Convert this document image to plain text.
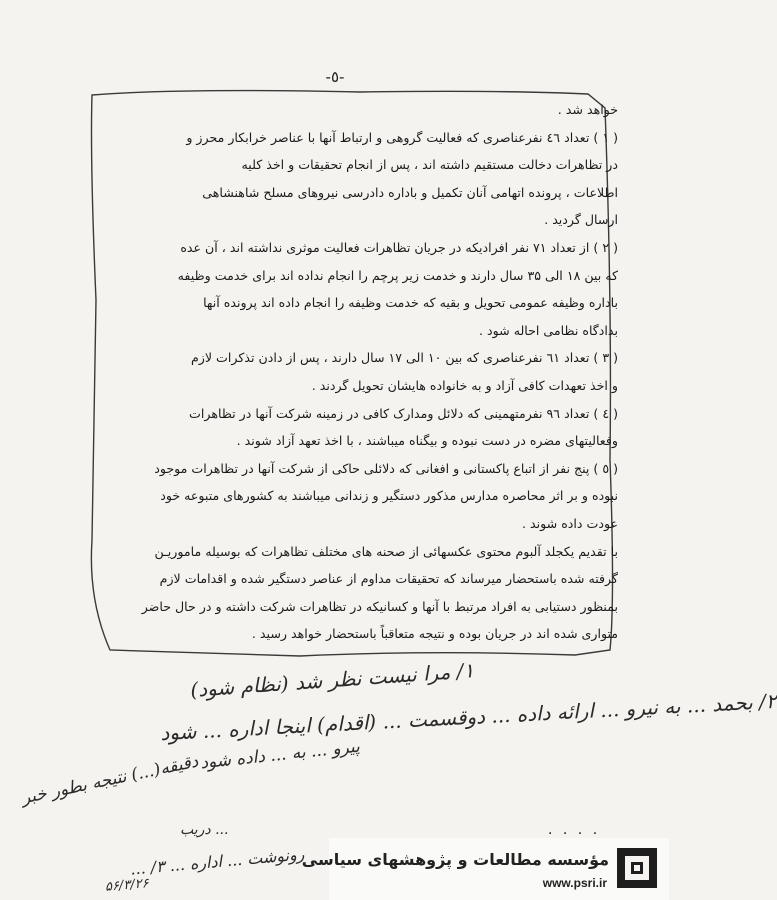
-٥-
خواهد شد .
( ۱ ) تعداد ٤٦ نفرعناصری که فعالیت گروهی و ارتباط آنها با عناصر خرابکار محرز و
در تظاهرات دخالت مستقیم داشته اند ، پس از انجام تحقیقات و اخذ کلیه
اطلاعات ، پرونده اتهامی آنان تکمیل و باداره دادرسی نیروهای مسلح شاهنشاهی
ارسال گردید .
( ۲ ) از تعداد ۷۱ نفر افرادیکه در جریان تظاهرات فعالیت موثری نداشته اند ، آن عده
که بین ۱۸ الی ۳۵ سال دارند و خدمت زیر پرچم را انجام نداده اند برای خدمت وظیفه
باداره وظیفه عمومی تحویل و بقیه که خدمت وظیفه را انجام داده اند پرونده آنها
بدادگاه نظامی احاله شود .
( ۳ ) تعداد ٦۱ نفرعناصری که بین ۱۰ الی ۱۷ سال دارند ، پس از دادن تذکرات لازم
و اخذ تعهدات کافی آزاد و به خانواده هایشان تحویل گردند .
( ٤ ) تعداد ۹٦ نفرمتهمینی که دلائل ومدارک کافی در زمینه شرکت آنها در تظاهرات
وفعالیتهای مضره در دست نبوده و بیگناه میباشند ، با اخذ تعهد آزاد شوند .
( ٥ ) پنج نفر از اتباع پاکستانی و افغانی که دلائلی حاکی از شرکت آنها در تظاهرات موجود
نبوده و بر اثر محاصره مدارس مذکور دستگیر و زندانی میباشند به کشورهای متبوعه خود
عودت داده شوند .
با تقدیم یکجلد آلبوم محتوی عکسهائی از صحنه های مختلف تظاهرات که بوسیله ماموریـن
گرفته شده باستحضار میرساند که تحقیقات مداوم از عناصر دستگیر شده و اقدامات لازم
بمنظور دستیابی به افراد مرتبط با آنها و کسانیکه در تظاهرات شرکت داشته و در حال حاضر
متواری شده اند در جریان بوده و نتیجه متعاقباً باستحضار خواهد رسید .
۱/ مرا نیست نظر شد (نظام شود)
۲/ بحمد ... به نیرو ... ارائه داده ... دوقسمت ... (اقدام) اینجا اداره ... شود
پیرو ... به ... داده شود
دقیقه(...) نتیجه بطور خبر
... دریب
رونوشت ... اداره ... ۳/ ...
۵۶/۳/۲۶
. . . .
مؤسسه مطالعات و پژوهشهای سیاسی
www.psri.ir
